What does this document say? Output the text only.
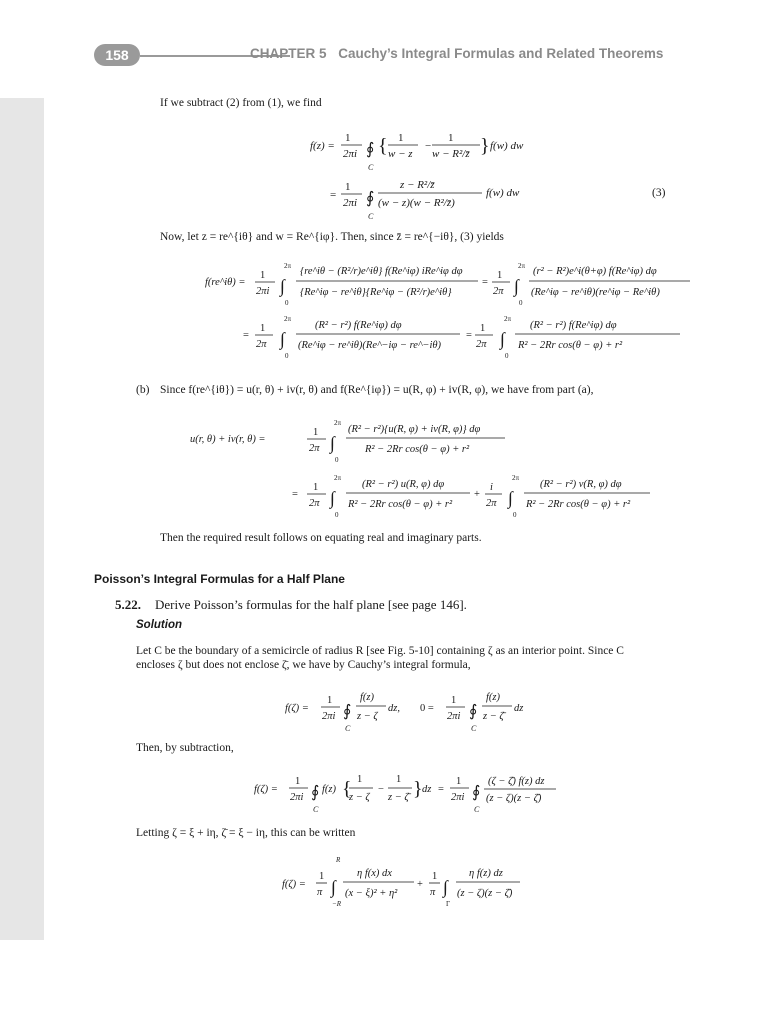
158	CHAPTER 5 Cauchy’s Integral Formulas and Related Theorems
If we subtract (2) from (1), we find
f(z) =
1
2πi ∮
C
{ 1
w − z
−
1
w − R²/z̄ } f(w) dw
=
1
2πi ∮
C
z − R²/z̄
(w − z)(w − R²/z̄)
f(w) dw	(3)
Now, let z = re^{iθ} and w = Re^{iφ}. Then, since z̄ = re^{−iθ}, (3) yields
f(re^iθ) =
1
2πi
2π
∫
0
{re^iθ − (R²/r)e^iθ} f(Re^iφ) iRe^iφ dφ
{Re^iφ − re^iθ}{Re^iφ − (R²/r)e^iθ}
=
1
2π
2π
∫
0
(r² − R²)e^i(θ+φ) f(Re^iφ) dφ
(Re^iφ − re^iθ)(re^iφ − Re^iθ)
=
1
2π
2π
∫
0
(R² − r²) f(Re^iφ) dφ
(Re^iφ − re^iθ)(Re^−iφ − re^−iθ)
=
1
2π
2π
∫
0
(R² − r²) f(Re^iφ) dφ
R² − 2Rr cos(θ − φ) + r²
(b) Since f(re^{iθ}) = u(r, θ) + iv(r, θ) and f(Re^{iφ}) = u(R, φ) + iv(R, φ), we have from part (a),
u(r, θ) + iv(r, θ) =
1
2π
2π
∫
0
(R² − r²){u(R, φ) + iv(R, φ)} dφ
R² − 2Rr cos(θ − φ) + r²
=
1
2π
2π
∫
0
(R² − r²) u(R, φ) dφ
R² − 2Rr cos(θ − φ) + r²
+
i
2π
2π
∫
0
(R² − r²) v(R, φ) dφ
R² − 2Rr cos(θ − φ) + r²
Then the required result follows on equating real and imaginary parts.
Poisson’s Integral Formulas for a Half Plane
5.22. Derive Poisson’s formulas for the half plane [see page 146].
Solution
Let C be the boundary of a semicircle of radius R [see Fig. 5-10] containing ζ as an interior point. Since C
encloses ζ but does not enclose ζ̄, we have by Cauchy’s integral formula,
f(ζ) =
1
2πi ∮
C
f(z)
z − ζ
dz, 0 =
1
2πi ∮
C
f(z)
z − ζ̄
dz
Then, by subtraction,
f(ζ) =
1
2πi ∮
C
f(z) { 1
z − ζ
−
1
z − ζ̄ } dz =
1
2πi ∮
C
(ζ − ζ̄) f(z) dz
(z − ζ)(z − ζ̄)
Letting ζ = ξ + iη, ζ̄ = ξ − iη, this can be written
f(ζ) =
1
π
R
∫
−R
η f(x) dx
(x − ξ)² + η²
+
1
π ∫
Γ
η f(z) dz
(z − ζ)(z − ζ̄)
